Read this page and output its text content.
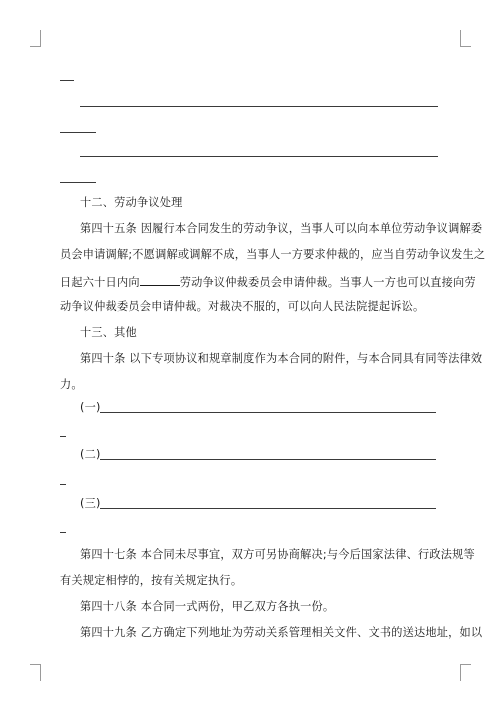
十二、劳动争议处理
第四十五条 因履行本合同发生的劳动争议，当事人可以向本单位劳动争议调解委
员会申请调解;不愿调解或调解不成，当事人一方要求仲裁的，应当自劳动争议发生之
日起六十日内向	劳动争议仲裁委员会申请仲裁。当事人一方也可以直接向劳
动争议仲裁委员会申请仲裁。对裁决不服的，可以向人民法院提起诉讼。
十三、其他
第四十条 以下专项协议和规章制度作为本合同的附件，与本合同具有同等法律效
力。
(一)
(二)
(三)
第四十七条 本合同未尽事宜，双方可另协商解决;与今后国家法律、行政法规等
有关规定相悖的，按有关规定执行。
第四十八条 本合同一式两份，甲乙双方各执一份。
第四十九条 乙方确定下列地址为劳动关系管理相关文件、文书的送达地址，如以
